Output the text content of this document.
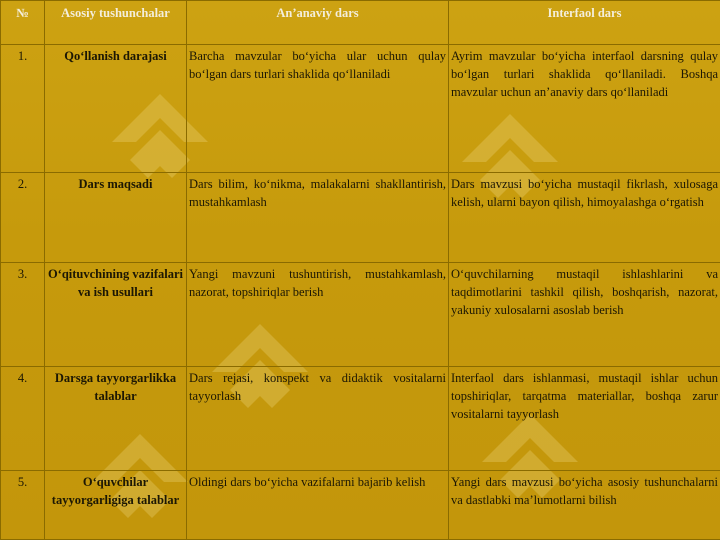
№	Asosiy tushunchalar	An’anaviy dars	Interfaol dars
1.	Qo‘llanish darajasi	Barcha mavzular bo‘yicha ular uchun qulay bo‘lgan dars turlari shaklida qo‘llaniladi	Ayrim mavzular bo‘yicha interfaol darsning qulay bo‘lgan turlari shaklida qo‘llaniladi. Boshqa mavzular uchun an’anaviy dars qo‘llaniladi
2.	Dars maqsadi	Dars bilim, ko‘nikma, malakalarni shakllantirish, mustahkamlash	Dars mavzusi bo‘yicha mustaqil fikrlash, xulosaga kelish, ularni bayon qilish, himoyalashga o‘rgatish
3.	O‘qituvchining vazifalari va ish usullari	Yangi mavzuni tushuntirish, mustahkamlash, nazorat, topshiriqlar berish	O‘quvchilarning mustaqil ishlashlarini va taqdimotlarini tashkil qilish, boshqarish, nazorat, yakuniy xulosalarni asoslab berish
4.	Darsga tayyorgarlikka talablar	Dars rejasi, konspekt va didaktik vositalarni tayyorlash	Interfaol dars ishlanmasi, mustaqil ishlar uchun topshiriqlar, tarqatma materiallar, boshqa zarur vositalarni tayyorlash
5.	O‘quvchilar tayyorgarligiga talablar	Oldingi dars bo‘yicha vazifalarni bajarib kelish	Yangi dars mavzusi bo‘yicha asosiy tushunchalarni va dastlabki ma’lumotlarni bilish
